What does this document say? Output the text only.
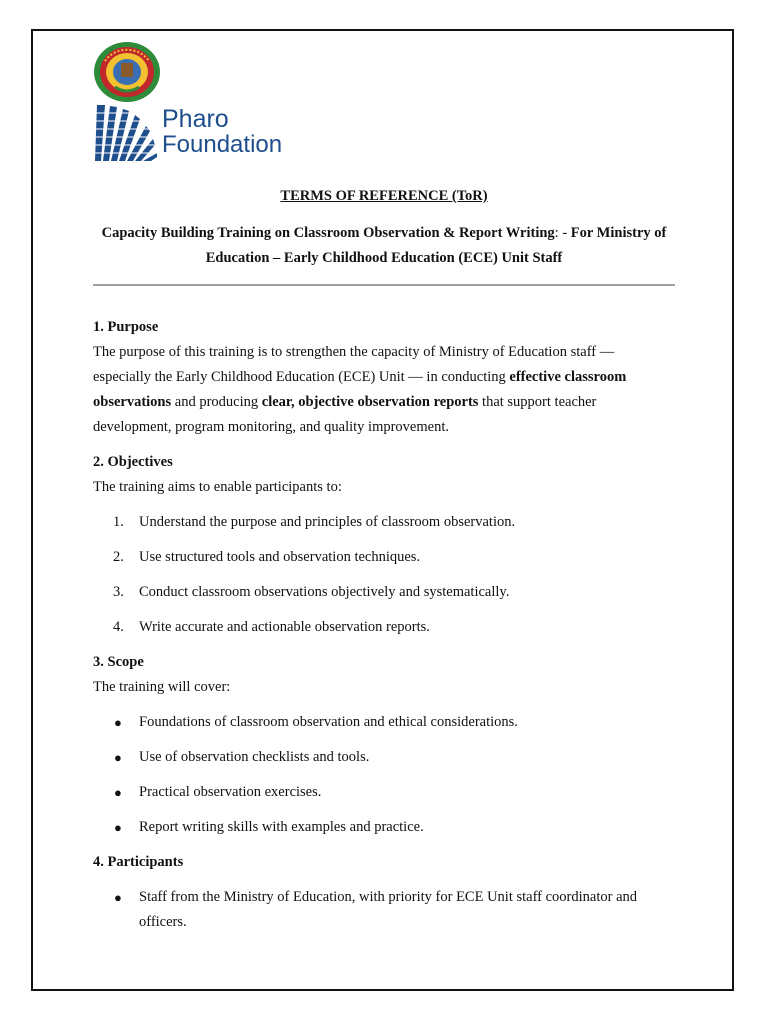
Pharo
Foundation
TERMS OF REFERENCE (ToR)
Capacity Building Training on Classroom Observation & Report Writing: - For Ministry of Education – Early Childhood Education (ECE) Unit Staff
1. Purpose

The purpose of this training is to strengthen the capacity of Ministry of Education staff — especially the Early Childhood Education (ECE) Unit — in conducting effective classroom observations and producing clear, objective observation reports that support teacher development, program monitoring, and quality improvement.

2. Objectives

The training aims to enable participants to:

1. Understand the purpose and principles of classroom observation.
2. Use structured tools and observation techniques.
3. Conduct classroom observations objectively and systematically.
4. Write accurate and actionable observation reports.
3. Scope

The training will cover:

● Foundations of classroom observation and ethical considerations.
● Use of observation checklists and tools.
● Practical observation exercises.
● Report writing skills with examples and practice.
4. Participants
● Staff from the Ministry of Education, with priority for ECE Unit staff coordinator and officers.
